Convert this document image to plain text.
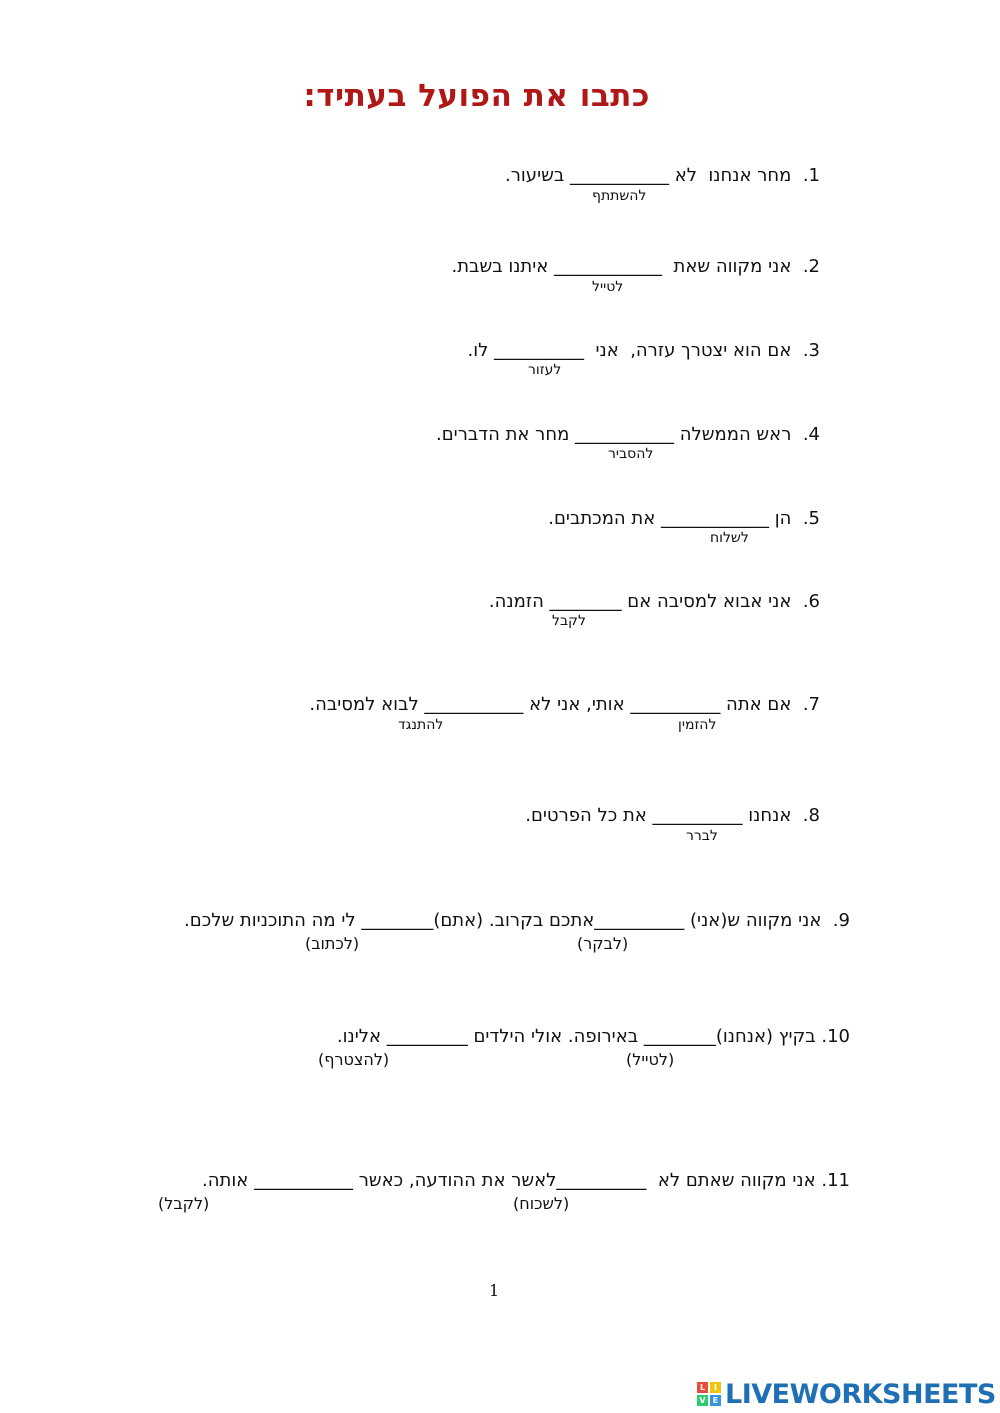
כתבו את הפועל בעתיד:
1.  מחר אנחנו  לא ___________ בשיעור.
להשתתף
2.  אני מקווה שאת  ____________ איתנו בשבת.
לטייל
3.  אם הוא יצטרך עזרה,  אני  __________ לו.
לעזור
4.  ראש הממשלה ___________ מחר את הדברים.
להסביר
5.  הן ____________ את המכתבים.
לשלוח
6.  אני אבוא למסיבה אם ________ הזמנה.
לקבל
7.  אם אתה __________ אותי, אני לא ___________ לבוא למסיבה.
להזמין
להתנגד
8.  אנחנו __________ את כל הפרטים.
לברר
9.  אני מקווה ש(אני) __________אתכם בקרוב. (אתם)________ לי מה התוכניות שלכם.
(לבקר)
(לכתוב)
10. בקיץ (אנחנו)________ באירופה. אולי הילדים _________ אלינו.
(לטייל)
(להצטרף)
11. אני מקווה שאתם לא  __________לאשר את ההודעה, כאשר ___________ אותה.
(לשכוח)
(לקבל)
1
L	I
V E LIVEWORKSHEETS
